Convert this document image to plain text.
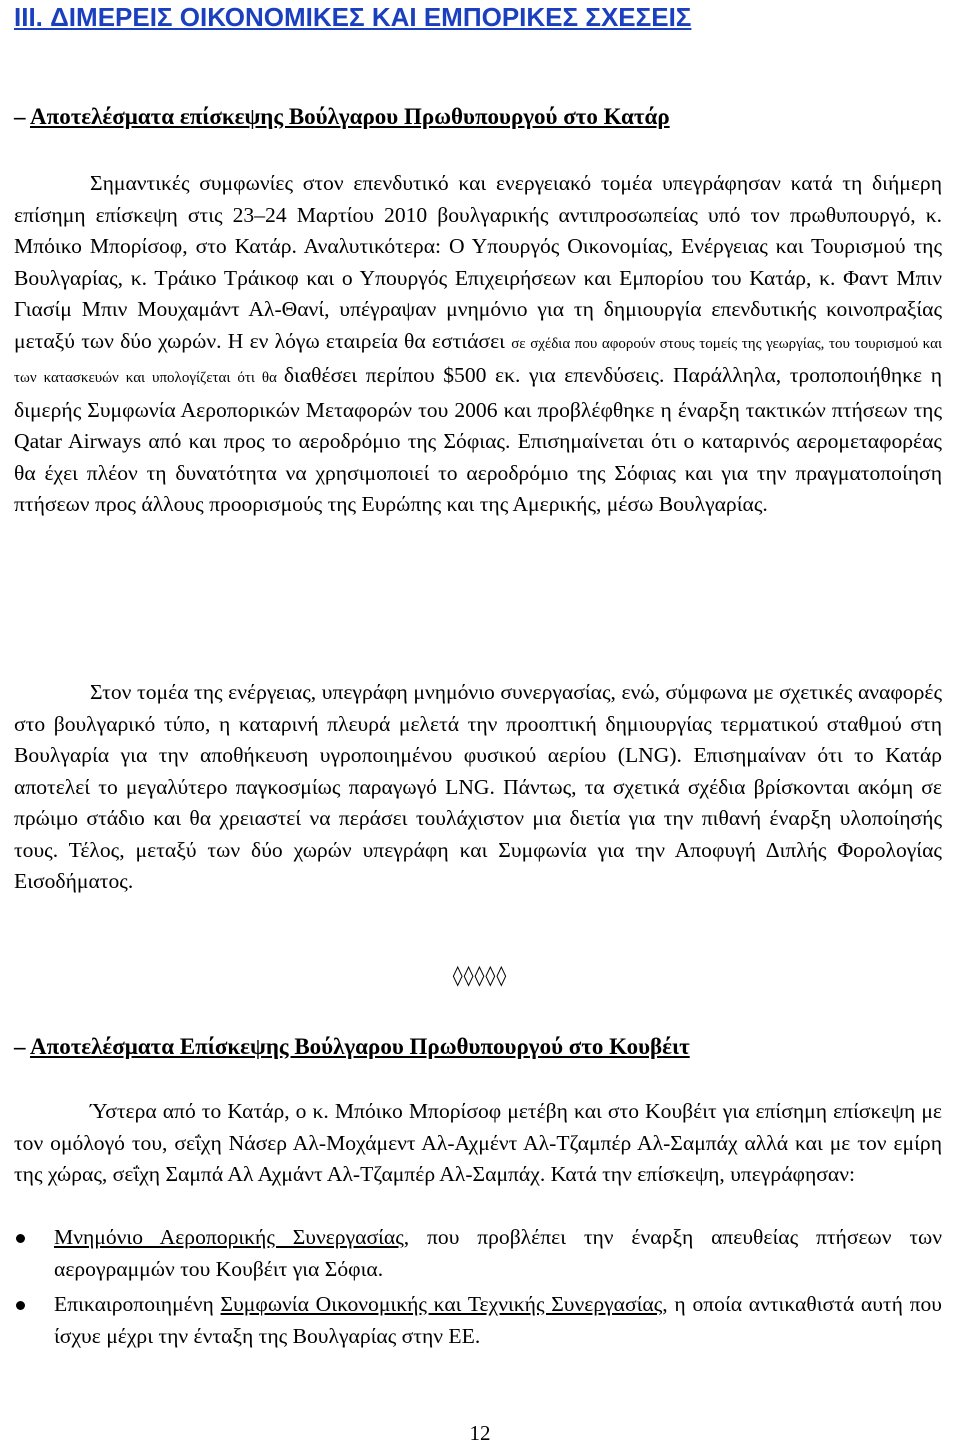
III. ΔΙΜΕΡΕΙΣ ΟΙΚΟΝΟΜΙΚΕΣ ΚΑΙ ΕΜΠΟΡΙΚΕΣ ΣΧΕΣΕΙΣ
– Αποτελέσματα επίσκεψης Βούλγαρου Πρωθυπουργού στο Κατάρ

Σημαντικές συμφωνίες στον επενδυτικό και ενεργειακό τομέα υπεγράφησαν κατά τη διήμερη επίσημη επίσκεψη στις 23–24 Μαρτίου 2010 βουλγαρικής αντιπροσωπείας υπό τον πρωθυπουργό, κ. Μπόικο Μπορίσοφ, στο Κατάρ. Αναλυτικότερα: Ο Υπουργός Οικονομίας, Ενέργειας και Τουρισμού της Βουλγαρίας, κ. Τράικο Τράικοφ και ο Υπουργός Επιχειρήσεων και Εμπορίου του Κατάρ, κ. Φαντ Μπιν Γιασίμ Μπιν Μουχαμάντ Αλ-Θανί, υπέγραψαν μνημόνιο για τη δημιουργία επενδυτικής κοινοπραξίας μεταξύ των δύο χωρών. Η εν λόγω εταιρεία θα εστιάσει σε σχέδια που αφορούν στους τομείς της γεωργίας, του τουρισμού και των κατασκευών και υπολογίζεται ότι θα διαθέσει περίπου $500 εκ. για επενδύσεις. Παράλληλα, τροποποιήθηκε η διμερής Συμφωνία Αεροπορικών Μεταφορών του 2006 και προβλέφθηκε η έναρξη τακτικών πτήσεων της Qatar Airways από και προς το αεροδρόμιο της Σόφιας. Επισημαίνεται ότι ο καταρινός αερομεταφορέας θα έχει πλέον τη δυνατότητα να χρησιμοποιεί το αεροδρόμιο της Σόφιας και για την πραγματοποίηση πτήσεων προς άλλους προορισμούς της Ευρώπης και της Αμερικής, μέσω Βουλγαρίας.

Στον τομέα της ενέργειας, υπεγράφη μνημόνιο συνεργασίας, ενώ, σύμφωνα με σχετικές αναφορές στο βουλγαρικό τύπο, η καταρινή πλευρά μελετά την προοπτική δημιουργίας τερματικού σταθμού στη Βουλγαρία για την αποθήκευση υγροποιημένου φυσικού αερίου (LNG). Επισημαίναν ότι το Κατάρ αποτελεί το μεγαλύτερο παγκοσμίως παραγωγό LNG. Πάντως, τα σχετικά σχέδια βρίσκονται ακόμη σε πρώιμο στάδιο και θα χρειαστεί να περάσει τουλάχιστον μια διετία για την πιθανή έναρξη υλοποίησής τους. Τέλος, μεταξύ των δύο χωρών υπεγράφη και Συμφωνία για την Αποφυγή Διπλής Φορολογίας Εισοδήματος.

◊◊◊◊◊
– Αποτελέσματα Επίσκεψης Βούλγαρου Πρωθυπουργού στο Κουβέιτ

Ύστερα από το Κατάρ, ο κ. Μπόικο Μπορίσοφ μετέβη και στο Κουβέιτ για επίσημη επίσκεψη με τον ομόλογό του, σεΐχη Νάσερ Αλ-Μοχάμεντ Αλ-Αχμέντ Αλ-Τζαμπέρ Αλ-Σαμπάχ αλλά και με τον εμίρη της χώρας, σεΐχη Σαμπά Αλ Αχμάντ Αλ-Τζαμπέρ Αλ-Σαμπάχ. Κατά την επίσκεψη, υπεγράφησαν:

Μνημόνιο Αεροπορικής Συνεργασίας, που προβλέπει την έναρξη απευθείας πτήσεων των αερογραμμών του Κουβέιτ για Σόφια.
Επικαιροποιημένη Συμφωνία Οικονομικής και Τεχνικής Συνεργασίας, η οποία αντικαθιστά αυτή που ίσχυε μέχρι την ένταξη της Βουλγαρίας στην ΕΕ.
12
